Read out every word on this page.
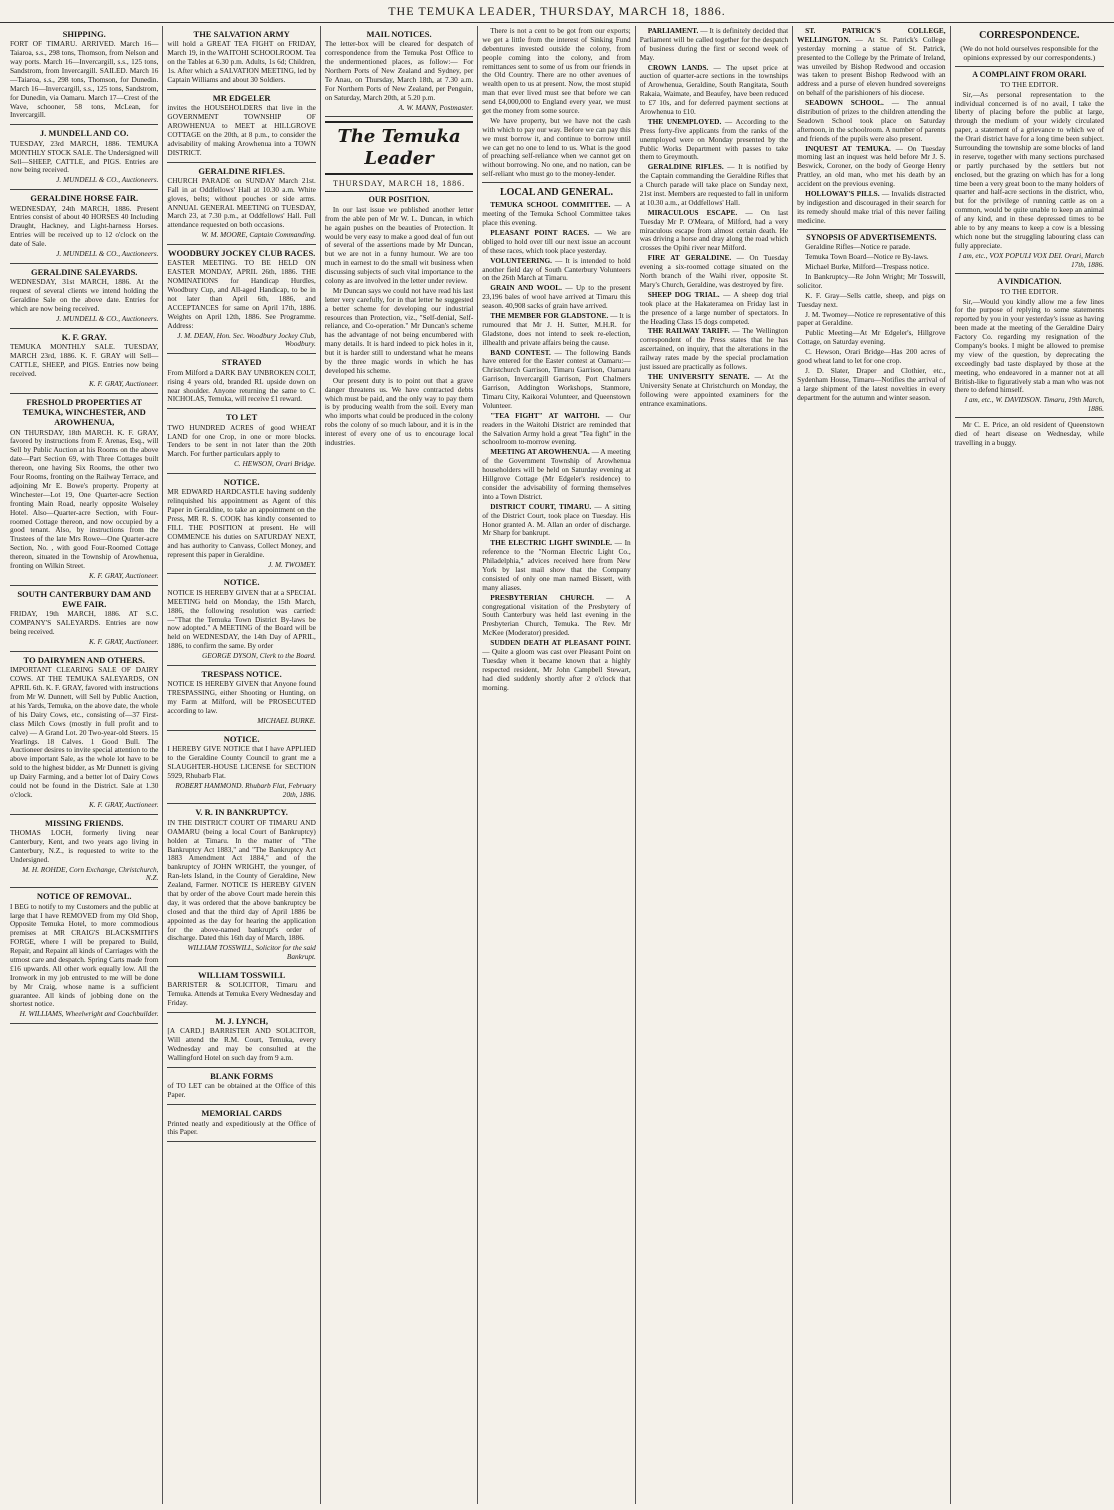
THE TEMUKA LEADER, THURSDAY, MARCH 18, 1886.
SHIPPING.
FORT OF TIMARU. ARRIVED. March 16—Taiaroa, s.s., 298 tons, Thomson, from Nelson and way ports. March 16—Invercargill, s.s., 125 tons, Sandstrom, from Invercargill. SAILED. March 16—Taiaroa, s.s., 298 tons, Thomson, for Dunedin. March 16—Invercargill, s.s., 125 tons, Sandstrom, for Dunedin, via Oamaru. March 17—Crest of the Wave, schooner, 58 tons, McLean, for Invercargill.
J. MUNDELL AND CO.
TUESDAY, 23rd MARCH, 1886. TEMUKA MONTHLY STOCK SALE. The Undersigned will Sell—SHEEP, CATTLE, and PIGS. Entries are now being received.
J. MUNDELL & CO., Auctioneers.
GERALDINE HORSE FAIR.
WEDNESDAY, 24th MARCH, 1886. Present Entries consist of about 40 HORSES 40 Including Draught, Hackney, and Light-harness Horses. Entries will be received up to 12 o'clock on the date of Sale.
J. MUNDELL & CO., Auctioneers.
GERALDINE SALEYARDS.
WEDNESDAY, 31st MARCH, 1886. At the request of several clients we intend holding the Geraldine Sale on the above date. Entries for which are now being received.
J. MUNDELL & CO., Auctioneers.
K. F. GRAY.
TEMUKA MONTHLY SALE. TUESDAY, MARCH 23rd, 1886. K. F. GRAY will Sell—CATTLE, SHEEP, and PIGS. Entries now being received.
K. F. GRAY, Auctioneer.
FRESHOLD PROPERTIES AT TEMUKA, WINCHESTER, AND AROWHENUA,
ON THURSDAY, 18th MARCH. K. F. GRAY, favored by instructions from F. Arenas, Esq., will Sell by Public Auction at his Rooms on the above date—Part Section 69, with Three Cottages built thereon, one having Six Rooms, the other two Four Rooms, fronting on the Railway Terrace, and adjoining Mr E. Bowe's property. Property at Winchester—Lot 19, One Quarter-acre Section fronting Main Road, nearly opposite Wolseley Hotel. Also—Quarter-acre Section, with Four-roomed Cottage thereon, and now occupied by a good tenant. Also, by instructions from the Trustees of the late Mrs Rowe—One Quarter-acre Section, No. , with good Four-Roomed Cottage thereon, situated in the Township of Arowhenua, fronting on Wilkin Street.
K. F. GRAY, Auctioneer.
SOUTH CANTERBURY DAM AND EWE FAIR.
FRIDAY, 19th MARCH, 1886. AT S.C. COMPANY'S SALEYARDS. Entries are now being received.
K. F. GRAY, Auctioneer.
TO DAIRYMEN AND OTHERS.
IMPORTANT CLEARING SALE OF DAIRY COWS. AT THE TEMUKA SALEYARDS, ON APRIL 6th. K. F. GRAY, favored with instructions from Mr W. Dunnett, will Sell by Public Auction, at his Yards, Temuka, on the above date, the whole of his Dairy Cows, etc., consisting of—37 First-class Milch Cows (mostly in full profit and to calve) — A Grand Lot. 20 Two-year-old Steers. 15 Yearlings. 18 Calves. 1 Good Bull. The Auctioneer desires to invite special attention to the above important Sale, as the whole lot have to be sold to the highest bidder, as Mr Dunnett is giving up Dairy Farming, and a better lot of Dairy Cows could not be found in the District. Sale at 1.30 o'clock.
K. F. GRAY, Auctioneer.
MISSING FRIENDS.
THOMAS LOCH, formerly living near Canterbury, Kent, and two years ago living in Canterbury, N.Z., is requested to write to the Undersigned.
M. H. ROHDE, Corn Exchange, Christchurch, N.Z.
NOTICE OF REMOVAL.
I BEG to notify to my Customers and the public at large that I have REMOVED from my Old Shop, Opposite Temuka Hotel, to more commodious premises at MR CRAIG'S BLACKSMITH'S FORGE, where I will be prepared to Build, Repair, and Repaint all kinds of Carriages with the utmost care and despatch. Spring Carts made from £16 upwards. All other work equally low. All the Ironwork in my job entrusted to me will be done by Mr Craig, whose name is a sufficient guarantee. All kinds of jobbing done on the shortest notice.
H. WILLIAMS, Wheelwright and Coachbuilder.
THE SALVATION ARMY
will hold a GREAT TEA FIGHT on FRIDAY, March 19, in the WAITOHI SCHOOLROOM. Tea on the Tables at 6.30 p.m. Adults, 1s 6d; Children, 1s. After which a SALVATION MEETING, led by Captain Williams and about 30 Soldiers.
MR EDGELER
invites the HOUSEHOLDERS that live in the GOVERNMENT TOWNSHIP OF AROWHENUA to MEET at HILLGROVE COTTAGE on the 20th, at 8 p.m., to consider the advisability of making Arowhenua into a TOWN DISTRICT.
GERALDINE RIFLES.
CHURCH PARADE on SUNDAY March 21st. Fall in at Oddfellows' Hall at 10.30 a.m. White gloves, belts; without pouches or side arms. ANNUAL GENERAL MEETING on TUESDAY, March 23, at 7.30 p.m., at Oddfellows' Hall. Full attendance requested on both occasions.
W. M. MOORE, Captain Commanding.
WOODBURY JOCKEY CLUB RACES.
EASTER MEETING. TO BE HELD ON EASTER MONDAY, APRIL 26th, 1886. THE NOMINATIONS for Handicap Hurdles, Woodbury Cup, and All-aged Handicap, to be in not later than April 6th, 1886, and ACCEPTANCES for same on April 17th, 1886. Weights on April 12th, 1886. See Programme. Address:
J. M. DEAN, Hon. Sec. Woodbury Jockey Club, Woodbury.
STRAYED
From Milford a DARK BAY UNBROKEN COLT, rising 4 years old, branded RL upside down on near shoulder. Anyone returning the same to C. NICHOLAS, Temuka, will receive £1 reward.
TO LET
TWO HUNDRED ACRES of good WHEAT LAND for one Crop, in one or more blocks. Tenders to be sent in not later than the 20th March. For further particulars apply to
C. HEWSON, Orari Bridge.
NOTICE.
MR EDWARD HARDCASTLE having suddenly relinquished his appointment as Agent of this Paper in Geraldine, to take an appointment on the Press, MR R. S. COOK has kindly consented to FILL THE POSITION at present. He will COMMENCE his duties on SATURDAY NEXT, and has authority to Canvass, Collect Money, and represent this paper in Geraldine.
J. M. TWOMEY.
NOTICE.
NOTICE IS HEREBY GIVEN that at a SPECIAL MEETING held on Monday, the 15th March, 1886, the following resolution was carried:—"That the Temuka Town District By-laws be now adopted." A MEETING of the Board will be held on WEDNESDAY, the 14th Day of APRIL, 1886, to confirm the same. By order
GEORGE DYSON, Clerk to the Board.
TRESPASS NOTICE.
NOTICE IS HEREBY GIVEN that Anyone found TRESPASSING, either Shooting or Hunting, on my Farm at Milford, will be PROSECUTED according to law.
MICHAEL BURKE.
NOTICE.
I HEREBY GIVE NOTICE that I have APPLIED to the Geraldine County Council to grant me a SLAUGHTER-HOUSE LICENSE for SECTION 5929, Rhubarb Flat.
ROBERT HAMMOND. Rhubarb Flat, February 20th, 1886.
V. R. IN BANKRUPTCY.
IN THE DISTRICT COURT OF TIMARU AND OAMARU (being a local Court of Bankruptcy) holden at Timaru. In the matter of "The Bankruptcy Act 1883," and "The Bankruptcy Act 1883 Amendment Act 1884," and of the bankruptcy of JOHN WRIGHT, the younger, of Ran-lets Island, in the County of Geraldine, New Zealand, Farmer. NOTICE IS HEREBY GIVEN that by order of the above Court made herein this day, it was ordered that the above bankruptcy be closed and that the third day of April 1886 be appointed as the day for hearing the application for the above-named bankrupt's order of discharge. Dated this 16th day of March, 1886.
WILLIAM TOSSWILL, Solicitor for the said Bankrupt.
WILLIAM TOSSWILL
BARRISTER & SOLICITOR, Timaru and Temuka. Attends at Temuka Every Wednesday and Friday.
M. J. LYNCH,
[A CARD.] BARRISTER AND SOLICITOR, Will attend the R.M. Court, Temuka, every Wednesday and may be consulted at the Wallingford Hotel on such day from 9 a.m.
BLANK FORMS
of TO LET can be obtained at the Office of this Paper.
MEMORIAL CARDS
Printed neatly and expeditiously at the Office of this Paper.
MAIL NOTICES.
The letter-box will be cleared for despatch of correspondence from the Temuka Post Office to the undermentioned places, as follow:— For Northern Ports of New Zealand and Sydney, per Te Anau, on Thursday, March 18th, at 7.30 a.m. For Northern Ports of New Zealand, per Penguin, on Saturday, March 20th, at 5.20 p.m.
A. W. MANN, Postmaster.
The Temuka Leader
THURSDAY, MARCH 18, 1886.
OUR POSITION.
In our last issue we published another letter from the able pen of Mr W. L. Duncan, in which he again pushes on the beauties of Protection. It would be very easy to make a good deal of fun out of several of the assertions made by Mr Duncan, but we are not in a funny humour. We are too much in earnest to do the small wit business when discussing subjects of such vital importance to the colony as are involved in the letter under review.
Mr Duncan says we could not have read his last letter very carefully, for in that letter he suggested a better scheme for developing our industrial resources than Protection, viz., "Self-denial, Self-reliance, and Co-operation." Mr Duncan's scheme has the advantage of not being encumbered with many details. It is hard indeed to pick holes in it, but it is harder still to understand what he means by the three magic words in which he has developed his scheme.
Our present duty is to point out that a grave danger threatens us. We have contracted debts which must be paid, and the only way to pay them is by producing wealth from the soil. Every man who imports what could be produced in the colony robs the colony of so much labour, and it is in the interest of every one of us to encourage local industries.
There is not a cent to be got from our exports; we get a little from the interest of Sinking Fund debentures invested outside the colony, from people coming into the colony, and from remittances sent to some of us from our friends in the Old Country. There are no other avenues of wealth open to us at present. Now, the most stupid man that ever lived must see that before we can send £4,000,000 to England every year, we must get the money from some source.
We have property, but we have not the cash with which to pay our way. Before we can pay this we must borrow it, and continue to borrow until we can get no one to lend to us. What is the good of preaching self-reliance when we cannot get on without borrowing. No one, and no nation, can be self-reliant who must go to the money-lender.
LOCAL AND GENERAL.
TEMUKA SCHOOL COMMITTEE. — A meeting of the Temuka School Committee takes place this evening.
PLEASANT POINT RACES. — We are obliged to hold over till our next issue an account of these races, which took place yesterday.
VOLUNTEERING. — It is intended to hold another field day of South Canterbury Volunteers on the 26th March at Timaru.
GRAIN AND WOOL. — Up to the present 23,196 bales of wool have arrived at Timaru this season. 40,908 sacks of grain have arrived.
THE MEMBER FOR GLADSTONE. — It is rumoured that Mr J. H. Sutter, M.H.R. for Gladstone, does not intend to seek re-election, illhealth and private affairs being the cause.
BAND CONTEST. — The following Bands have entered for the Easter contest at Oamaru:—Christchurch Garrison, Timaru Garrison, Oamaru Garrison, Invercargill Garrison, Port Chalmers Garrison, Addington Workshops, Stanmore, Timaru City, Kaikorai Volunteer, and Queenstown Volunteer.
"TEA FIGHT" AT WAITOHI. — Our readers in the Waitohi District are reminded that the Salvation Army hold a great "Tea fight" in the schoolroom to-morrow evening.
MEETING AT AROWHENUA. — A meeting of the Government Township of Arowhenua householders will be held on Saturday evening at Hillgrove Cottage (Mr Edgeler's residence) to consider the advisability of forming themselves into a Town District.
DISTRICT COURT, TIMARU. — A sitting of the District Court, took place on Tuesday. His Honor granted A. M. Allan an order of discharge. Mr Sharp for bankrupt.
THE ELECTRIC LIGHT SWINDLE. — In reference to the "Norman Electric Light Co., Philadelphia," advices received here from New York by last mail show that the Company consisted of only one man named Bissett, with many aliases.
PRESBYTERIAN CHURCH. — A congregational visitation of the Presbytery of South Canterbury was held last evening in the Presbyterian Church, Temuka. The Rev. Mr McKee (Moderator) presided.
SUDDEN DEATH AT PLEASANT POINT. — Quite a gloom was cast over Pleasant Point on Tuesday when it became known that a highly respected resident, Mr John Campbell Stewart, had died suddenly shortly after 2 o'clock that morning.
PARLIAMENT. — It is definitely decided that Parliament will be called together for the despatch of business during the first or second week of May.
CROWN LANDS. — The upset price at auction of quarter-acre sections in the townships of Arowhenua, Geraldine, South Rangitata, South Rakaia, Waimate, and Beaufey, have been reduced to £7 10s, and for deferred payment sections at Arowhenua to £10.
THE UNEMPLOYED. — According to the Press forty-five applicants from the ranks of the unemployed were on Monday presented by the Public Works Department with passes to take them to Greymouth.
GERALDINE RIFLES. — It is notified by the Captain commanding the Geraldine Rifles that a Church parade will take place on Sunday next, 21st inst. Members are requested to fall in uniform at 10.30 a.m., at Oddfellows' Hall.
MIRACULOUS ESCAPE. — On last Tuesday Mr P. O'Meara, of Milford, had a very miraculous escape from almost certain death. He was driving a horse and dray along the road which crosses the Opihi river near Milford.
FIRE AT GERALDINE. — On Tuesday evening a six-roomed cottage situated on the North branch of the Waihi river, opposite St. Mary's Church, Geraldine, was destroyed by fire.
SHEEP DOG TRIAL. — A sheep dog trial took place at the Hakateramea on Friday last in the presence of a large number of spectators. In the Heading Class 15 dogs competed.
THE RAILWAY TARIFF. — The Wellington correspondent of the Press states that he has ascertained, on inquiry, that the alterations in the railway rates made by the special proclamation just issued are practically as follows.
THE UNIVERSITY SENATE. — At the University Senate at Christchurch on Monday, the following were appointed examiners for the entrance examinations.
ST. PATRICK'S COLLEGE, WELLINGTON. — At St. Patrick's College yesterday morning a statue of St. Patrick, presented to the College by the Primate of Ireland, was unveiled by Bishop Redwood and occasion was taken to present Bishop Redwood with an address and a purse of eleven hundred sovereigns on behalf of the parishioners of his diocese.
SEADOWN SCHOOL. — The annual distribution of prizes to the children attending the Seadown School took place on Saturday afternoon, in the schoolroom. A number of parents and friends of the pupils were also present.
INQUEST AT TEMUKA. — On Tuesday morning last an inquest was held before Mr J. S. Beswick, Coroner, on the body of George Henry Prattley, an old man, who met his death by an accident on the previous evening.
HOLLOWAY'S PILLS. — Invalids distracted by indigestion and discouraged in their search for its remedy should make trial of this never failing medicine.
SYNOPSIS OF ADVERTISEMENTS.
Geraldine Rifles—Notice re parade.
Temuka Town Board—Notice re By-laws.
Michael Burke, Milford—Trespass notice.
In Bankruptcy—Re John Wright; Mr Tosswill, solicitor.
K. F. Gray—Sells cattle, sheep, and pigs on Tuesday next.
J. M. Twomey—Notice re representative of this paper at Geraldine.
Public Meeting—At Mr Edgeler's, Hillgrove Cottage, on Saturday evening.
C. Hewson, Orari Bridge—Has 200 acres of good wheat land to let for one crop.
J. D. Slater, Draper and Clothier, etc., Sydenham House, Timaru—Notifies the arrival of a large shipment of the latest novelties in every department for the autumn and winter season.
CORRESPONDENCE.
(We do not hold ourselves responsible for the opinions expressed by our correspondents.)
A COMPLAINT FROM ORARI.
TO THE EDITOR.
Sir,—As personal representation to the individual concerned is of no avail, I take the liberty of placing before the public at large, through the medium of your widely circulated paper, a statement of a grievance to which we of the Orari district have for a long time been subject. Surrounding the township are some blocks of land in reserve, together with many sections purchased or partly purchased by the settlers but not enclosed, but the grazing on which has for a long time been a very great boon to the many holders of quarter and half-acre sections in the district, who, but for the privilege of running cattle as on a common, would be quite unable to keep an animal of any kind, and in these depressed times to be able to by any means to keep a cow is a blessing which none but the struggling labouring class can fully appreciate.
I am, etc., VOX POPULI VOX DEI. Orari, March 17th, 1886.
A VINDICATION.
TO THE EDITOR.
Sir,—Would you kindly allow me a few lines for the purpose of replying to some statements reported by you in your yesterday's issue as having been made at the meeting of the Geraldine Dairy Factory Co. regarding my resignation of the Company's books. I might be allowed to premise my view of the question, by deprecating the exceedingly bad taste displayed by those at the meeting, who endeavored in a manner not at all British-like to figuratively stab a man who was not there to defend himself.
I am, etc., W. DAVIDSON. Timaru, 19th March, 1886.
Mr C. E. Price, an old resident of Queenstown died of heart disease on Wednesday, while travelling in a buggy.
